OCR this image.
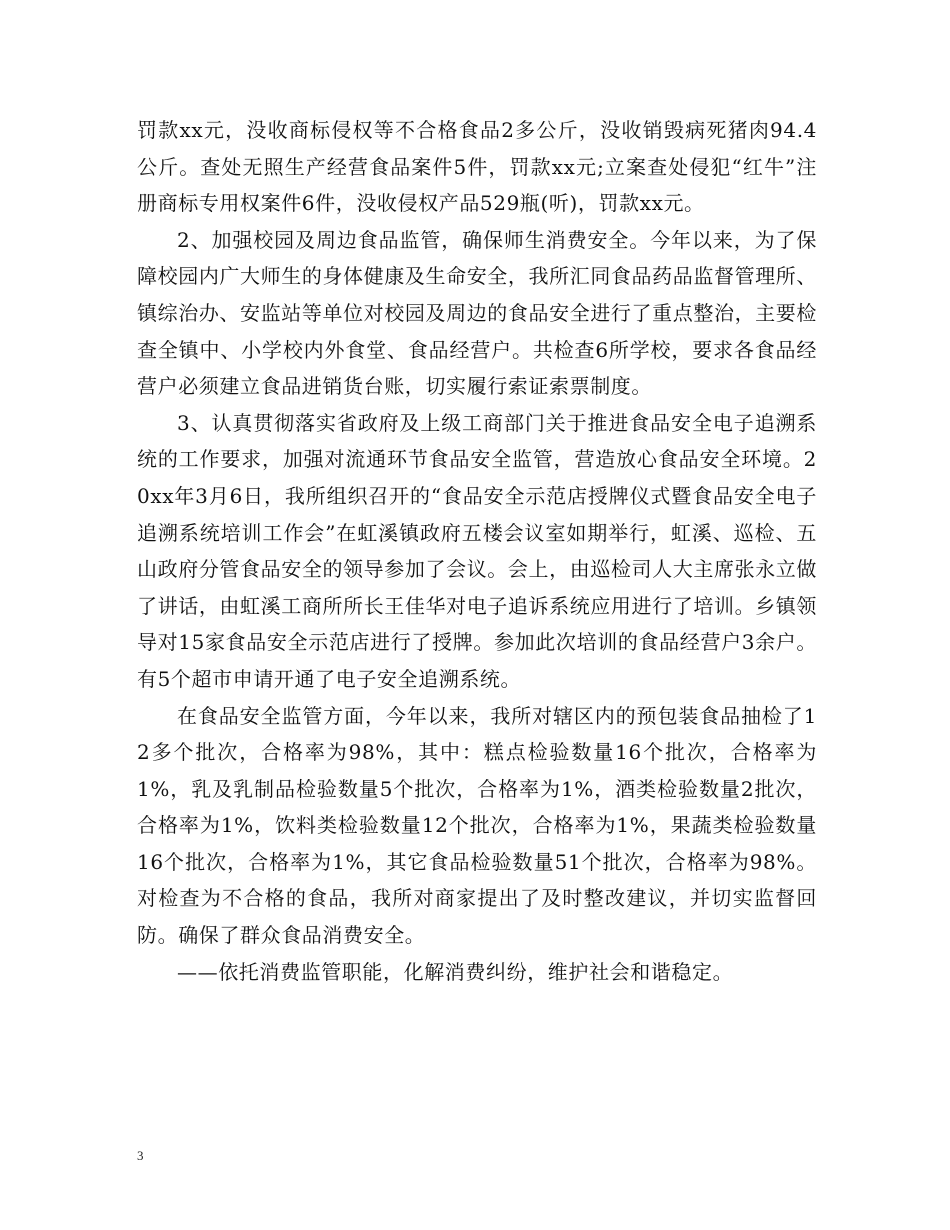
罚款xx元，没收商标侵权等不合格食品2多公斤，没收销毁病死猪肉94.4公斤。查处无照生产经营食品案件5件，罚款xx元;立案查处侵犯“红牛”注册商标专用权案件6件，没收侵权产品529瓶(听)，罚款xx元。

2、加强校园及周边食品监管，确保师生消费安全。今年以来，为了保障校园内广大师生的身体健康及生命安全，我所汇同食品药品监督管理所、镇综治办、安监站等单位对校园及周边的食品安全进行了重点整治，主要检查全镇中、小学校内外食堂、食品经营户。共检查6所学校，要求各食品经营户必须建立食品进销货台账，切实履行索证索票制度。

3、认真贯彻落实省政府及上级工商部门关于推进食品安全电子追溯系统的工作要求，加强对流通环节食品安全监管，营造放心食品安全环境。20xx年3月6日，我所组织召开的“食品安全示范店授牌仪式暨食品安全电子追溯系统培训工作会”在虹溪镇政府五楼会议室如期举行，虹溪、巡检、五山政府分管食品安全的领导参加了会议。会上，由巡检司人大主席张永立做了讲话，由虹溪工商所所长王佳华对电子追诉系统应用进行了培训。乡镇领导对15家食品安全示范店进行了授牌。参加此次培训的食品经营户3余户。有5个超市申请开通了电子安全追溯系统。

在食品安全监管方面，今年以来，我所对辖区内的预包装食品抽检了12多个批次，合格率为98%，其中：糕点检验数量16个批次，合格率为1%，乳及乳制品检验数量5个批次，合格率为1%，酒类检验数量2批次，合格率为1%，饮料类检验数量12个批次，合格率为1%，果蔬类检验数量16个批次，合格率为1%，其它食品检验数量51个批次，合格率为98%。对检查为不合格的食品，我所对商家提出了及时整改建议，并切实监督回防。确保了群众食品消费安全。

——依托消费监管职能，化解消费纠纷，维护社会和谐稳定。

3
